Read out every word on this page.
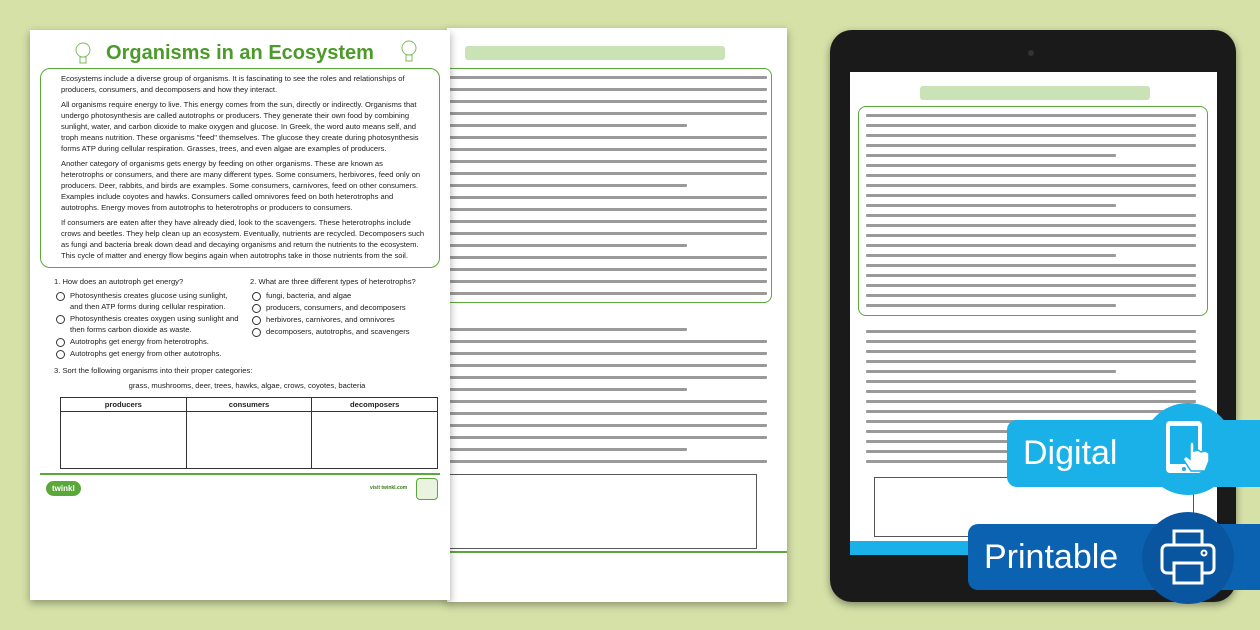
Organisms in an Ecosystem

Ecosystems include a diverse group of organisms. It is fascinating to see the roles and relationships of producers, consumers, and decomposers and how they interact.

All organisms require energy to live. This energy comes from the sun, directly or indirectly. Organisms that undergo photosynthesis are called autotrophs or producers. They generate their own food by combining sunlight, water, and carbon dioxide to make oxygen and glucose. In Greek, the word auto means self, and troph means nutrition. These organisms "feed" themselves. The glucose they create during photosynthesis forms ATP during cellular respiration. Grasses, trees, and even algae are examples of producers.

Another category of organisms gets energy by feeding on other organisms. These are known as heterotrophs or consumers, and there are many different types. Some consumers, herbivores, feed only on producers. Deer, rabbits, and birds are examples. Some consumers, carnivores, feed on other consumers. Examples include coyotes and hawks. Consumers called omnivores feed on both heterotrophs and autotrophs. Energy moves from autotrophs to heterotrophs or producers to consumers.

If consumers are eaten after they have already died, look to the scavengers. These heterotrophs include crows and beetles. They help clean up an ecosystem. Eventually, nutrients are recycled. Decomposers such as fungi and bacteria break down dead and decaying organisms and return the nutrients to the ecosystem. This cycle of matter and energy flow begins again when autotrophs take in those nutrients from the soil.

1. How does an autotroph get energy?
Photosynthesis creates glucose using sunlight, and then ATP forms during cellular respiration.
Photosynthesis creates oxygen using sunlight and then forms carbon dioxide as waste.
Autotrophs get energy from heterotrophs.
Autotrophs get energy from other autotrophs.
2. What are three different types of heterotrophs?
fungi, bacteria, and algae
producers, consumers, and decomposers
herbivores, carnivores, and omnivores
decomposers, autotrophs, and scavengers
3. Sort the following organisms into their proper categories:
grass, mushrooms, deer, trees, hawks, algae, crows, coyotes, bacteria
producers	consumers	decomposers
twinkl	visit twinkl.com
Digital
Printable
